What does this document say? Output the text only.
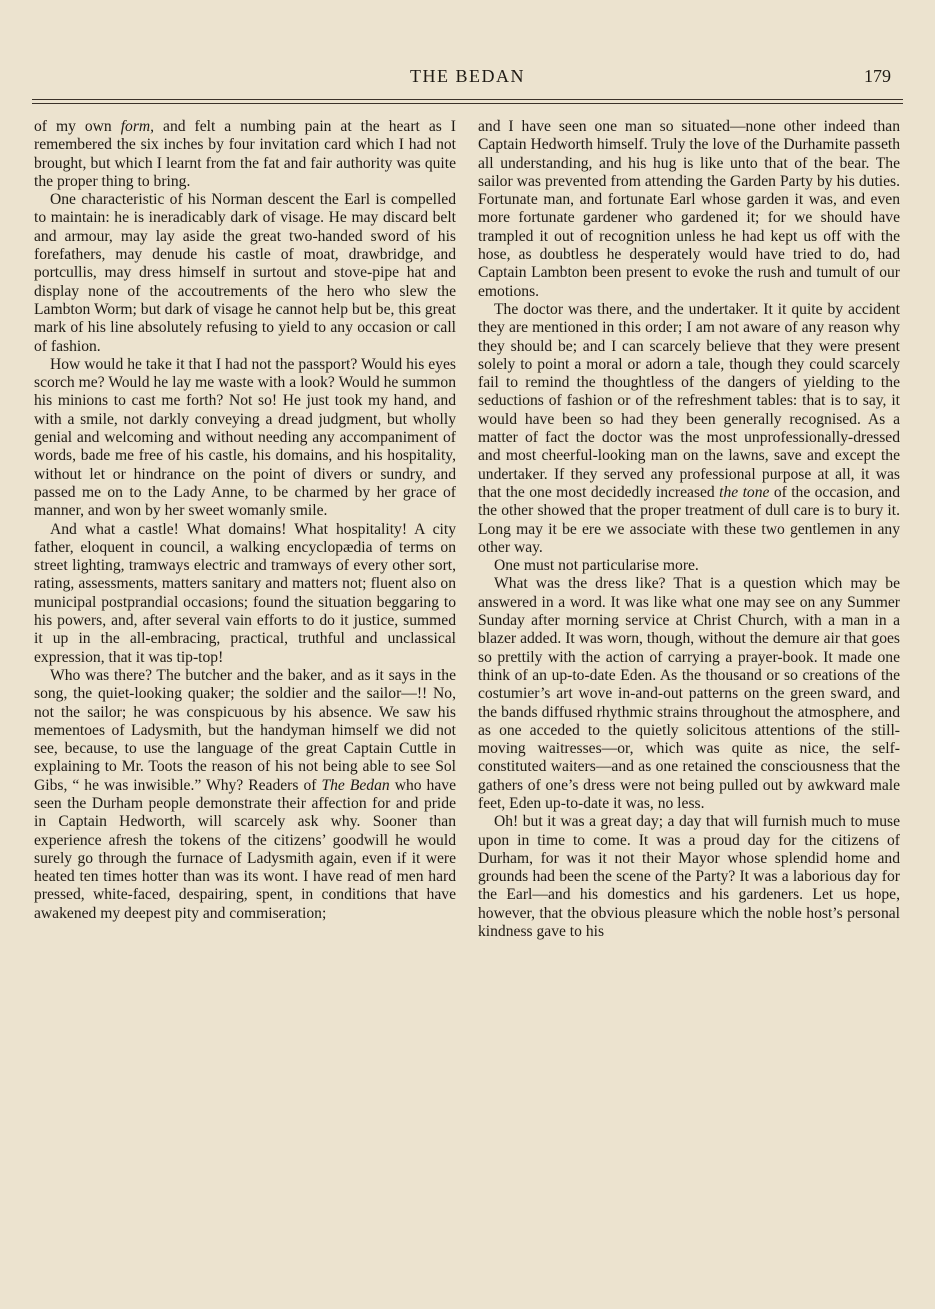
THE BEDAN	179

of my own form, and felt a numbing pain at the heart as I remembered the six inches by four invitation card which I had not brought, but which I learnt from the fat and fair authority was quite the proper thing to bring.

One characteristic of his Norman descent the Earl is compelled to maintain: he is ineradicably dark of visage. He may discard belt and armour, may lay aside the great two-handed sword of his forefathers, may denude his castle of moat, drawbridge, and portcullis, may dress himself in surtout and stove-pipe hat and display none of the accoutrements of the hero who slew the Lambton Worm; but dark of visage he cannot help but be, this great mark of his line absolutely refusing to yield to any occasion or call of fashion.

How would he take it that I had not the passport? Would his eyes scorch me? Would he lay me waste with a look? Would he summon his minions to cast me forth? Not so! He just took my hand, and with a smile, not darkly conveying a dread judgment, but wholly genial and welcoming and without needing any accompaniment of words, bade me free of his castle, his domains, and his hospitality, without let or hindrance on the point of divers or sundry, and passed me on to the Lady Anne, to be charmed by her grace of manner, and won by her sweet womanly smile.

And what a castle! What domains! What hospitality! A city father, eloquent in council, a walking encyclopædia of terms on street lighting, tramways electric and tramways of every other sort, rating, assessments, matters sanitary and matters not; fluent also on municipal postprandial occasions; found the situation beggaring to his powers, and, after several vain efforts to do it justice, summed it up in the all-embracing, practical, truthful and unclassical expression, that it was tip-top!

Who was there? The butcher and the baker, and as it says in the song, the quiet-looking quaker; the soldier and the sailor—!! No, not the sailor; he was conspicuous by his absence. We saw his mementoes of Ladysmith, but the handyman himself we did not see, because, to use the language of the great Captain Cuttle in explaining to Mr. Toots the reason of his not being able to see Sol Gibs, “ he was inwisible.” Why? Readers of The Bedan who have seen the Durham people demonstrate their affection for and pride in Captain Hedworth, will scarcely ask why. Sooner than experience afresh the tokens of the citizens’ goodwill he would surely go through the furnace of Ladysmith again, even if it were heated ten times hotter than was its wont. I have read of men hard pressed, white-faced, despairing, spent, in conditions that have awakened my deepest pity and commiseration;

and I have seen one man so situated—none other indeed than Captain Hedworth himself. Truly the love of the Durhamite passeth all understanding, and his hug is like unto that of the bear. The sailor was prevented from attending the Garden Party by his duties. Fortunate man, and fortunate Earl whose garden it was, and even more fortunate gardener who gardened it; for we should have trampled it out of recognition unless he had kept us off with the hose, as doubtless he desperately would have tried to do, had Captain Lambton been present to evoke the rush and tumult of our emotions.

The doctor was there, and the undertaker. It it quite by accident they are mentioned in this order; I am not aware of any reason why they should be; and I can scarcely believe that they were present solely to point a moral or adorn a tale, though they could scarcely fail to remind the thoughtless of the dangers of yielding to the seductions of fashion or of the refreshment tables: that is to say, it would have been so had they been generally recognised. As a matter of fact the doctor was the most unprofessionally-dressed and most cheerful-looking man on the lawns, save and except the undertaker. If they served any professional purpose at all, it was that the one most decidedly increased the tone of the occasion, and the other showed that the proper treatment of dull care is to bury it. Long may it be ere we associate with these two gentlemen in any other way.

One must not particularise more.

What was the dress like? That is a question which may be answered in a word. It was like what one may see on any Summer Sunday after morning service at Christ Church, with a man in a blazer added. It was worn, though, without the demure air that goes so prettily with the action of carrying a prayer-book. It made one think of an up-to-date Eden. As the thousand or so creations of the costumier’s art wove in-and-out patterns on the green sward, and the bands diffused rhythmic strains throughout the atmosphere, and as one acceded to the quietly solicitous attentions of the still-moving waitresses—or, which was quite as nice, the self-constituted waiters—and as one retained the consciousness that the gathers of one’s dress were not being pulled out by awkward male feet, Eden up-to-date it was, no less.

Oh! but it was a great day; a day that will furnish much to muse upon in time to come. It was a proud day for the citizens of Durham, for was it not their Mayor whose splendid home and grounds had been the scene of the Party? It was a laborious day for the Earl—and his domestics and his gardeners. Let us hope, however, that the obvious pleasure which the noble host’s personal kindness gave to his
